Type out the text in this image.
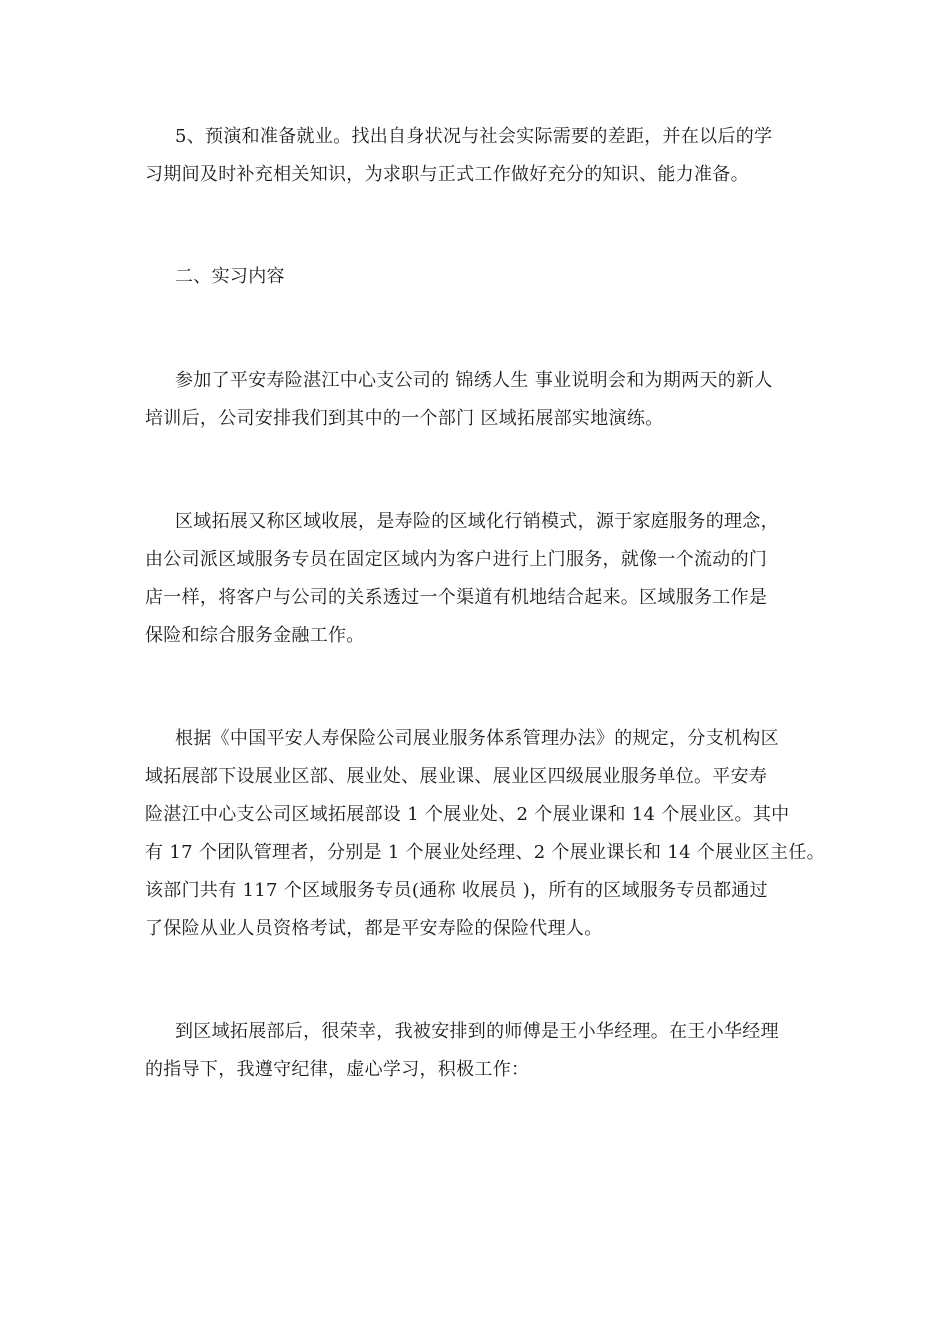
5、预演和准备就业。找出自身状况与社会实际需要的差距，并在以后的学
习期间及时补充相关知识，为求职与正式工作做好充分的知识、能力准备。
二、实习内容
参加了平安寿险湛江中心支公司的 锦绣人生 事业说明会和为期两天的新人
培训后，公司安排我们到其中的一个部门 区域拓展部实地演练。
区域拓展又称区域收展，是寿险的区域化行销模式，源于家庭服务的理念，
由公司派区域服务专员在固定区域内为客户进行上门服务，就像一个流动的门
店一样，将客户与公司的关系透过一个渠道有机地结合起来。区域服务工作是
保险和综合服务金融工作。
根据《中国平安人寿保险公司展业服务体系管理办法》的规定，分支机构区
域拓展部下设展业区部、展业处、展业课、展业区四级展业服务单位。平安寿
险湛江中心支公司区域拓展部设 1 个展业处、2 个展业课和 14 个展业区。其中
有 17 个团队管理者，分别是 1 个展业处经理、2 个展业课长和 14 个展业区主任。
该部门共有 117 个区域服务专员(通称 收展员 )，所有的区域服务专员都通过
了保险从业人员资格考试，都是平安寿险的保险代理人。
到区域拓展部后，很荣幸，我被安排到的师傅是王小华经理。在王小华经理
的指导下，我遵守纪律，虚心学习，积极工作：
